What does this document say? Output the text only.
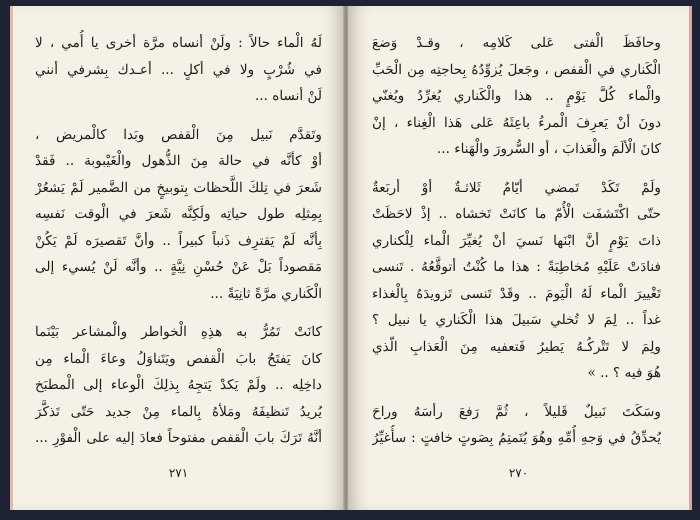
لَهُ الْماء حالاً : ولَنْ أنساه مرَّة أخرى يا أُمي ، لا
في شُرْبٍ ولا في أكلٍ ... أعـدك بِشرفي أنني
لَنْ أنساه ...
وتَقدَّم نَبيل مِنَ الْقفص وبَدا كالْمريض ،
أوْ كأنَّه في حالة مِنَ الذُّهول والْغَيْبوبة .. فَقدْ
شَعرَ في تِلكَ اللَّحظات بِتوبيخٍ من الضَّمير لَمْ يَشعُرْ
بِمِثلِه طول حياتِه ولَكِنَّه شَعرَ في الْوقت نَفسِه
بِأنَّه لَمْ يَقترِف ذَنباً كبيراً .. وأنَّ تَقصيرَه لَمْ يَكُنْ
مَقصوداً بَلْ عَنْ حُسْنِ نِيَّةٍ .. وأنَّه لَنْ يُسيء إلى
الْكَناري مرَّةً ثانِيَةً ...
كانَتْ تَمُرُّ به هذِهِ الْخواطر والْمشاعر بَيْنَما
كانَ يَفتَحُ بابَ الْقفص ويَتَناوَلُ وعاءَ الْماء مِن
داخِلِه .. ولَمْ يَكدْ يَتجِهُ بِذلِكَ الْوعاء إلى الْمطبَخ
يُريدُ تَنظيفَهُ ومَلأهُ بِالماء مِنْ جديد حَتّى تَذكَّرَ
أنَّهُ تَرَكَ بابَ الْقفص مفتوحاً فعادَ إليه على الْفوْرِ ...
٢٧١
وحافَظَ الْفتى عَلى كَلامِه ، وقـدْ وَضعَ
الْكَناري في الْقفص ، وجَعلَ يُزوِّدُهُ بِحاجتِه مِن الْحَبِّ
والْماء كُلَّ يَوْمٍ .. هذا والْكَناري يُغرِّدُ ويُغنّي
دونَ أنْ يَعرِفَ الْمرءُ باعِثَهُ عَلى هَذا الْغِناء ، إنْ
كانَ الْألَمَ والْعَذابَ ، أو السُّرورَ والْهَناء ...
ولَمْ تَكَدْ تَمضي أيّامٌ ثَلاثـةٌ أوْ أربَعةٌ
حتّى اكْتَشفَت الْأُمّ ما كانَتْ تَخشاه .. إذْ لاحَظَتْ
ذاتَ يَوْمٍ أنَّ ابْنَها نَسيَ أنْ يُغيِّرَ الْماء لِلْكناري
فنادَتْ عَلَيْهِ مُخاطِبَةً : هذا ما كُنْتُ أتوقَّعُهُ . تَنسى
تَغْييرَ الْماء لَهُ الْيَومَ .. وقَدْ تَنسى تَزويدَهُ بِالْغذاء
غداً .. لِمَ لا تُخلي سَبيلَ هذا الْكَناري يا نبيل ؟
ولِمَ لا تَتْركُـهُ يَطيرُ فَتعفيه مِنَ الْعَذابِ الّذي
هُوَ فيه ؟ .. »
وسَكَتَ نَبيلٌ قَليلاً ، ثُمَّ رَفعَ رأسَهُ وراحَ
يُحدِّقُ في وَجهِ أُمِّهِ وهُوَ يُتَمتِمُ بِصَوتٍ خافتٍ : سأُغيِّرُ
٢٧٠
